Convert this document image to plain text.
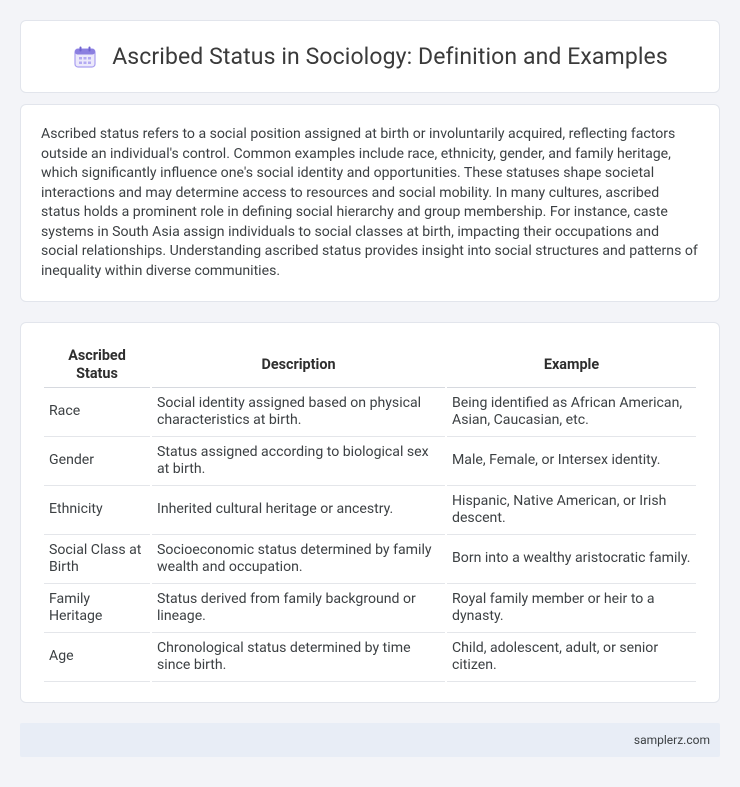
Ascribed Status in Sociology: Definition and Examples

Ascribed status refers to a social position assigned at birth or involuntarily acquired, reflecting factors outside an individual's control. Common examples include race, ethnicity, gender, and family heritage, which significantly influence one's social identity and opportunities. These statuses shape societal interactions and may determine access to resources and social mobility. In many cultures, ascribed status holds a prominent role in defining social hierarchy and group membership. For instance, caste systems in South Asia assign individuals to social classes at birth, impacting their occupations and social relationships. Understanding ascribed status provides insight into social structures and patterns of inequality within diverse communities.

Ascribed Status	Description	Example
Race	Social identity assigned based on physical characteristics at birth.	Being identified as African American, Asian, Caucasian, etc.
Gender	Status assigned according to biological sex at birth.	Male, Female, or Intersex identity.
Ethnicity	Inherited cultural heritage or ancestry.	Hispanic, Native American, or Irish descent.
Social Class at Birth	Socioeconomic status determined by family wealth and occupation.	Born into a wealthy aristocratic family.
Family Heritage	Status derived from family background or lineage.	Royal family member or heir to a dynasty.
Age	Chronological status determined by time since birth.	Child, adolescent, adult, or senior citizen.
samplerz.com
